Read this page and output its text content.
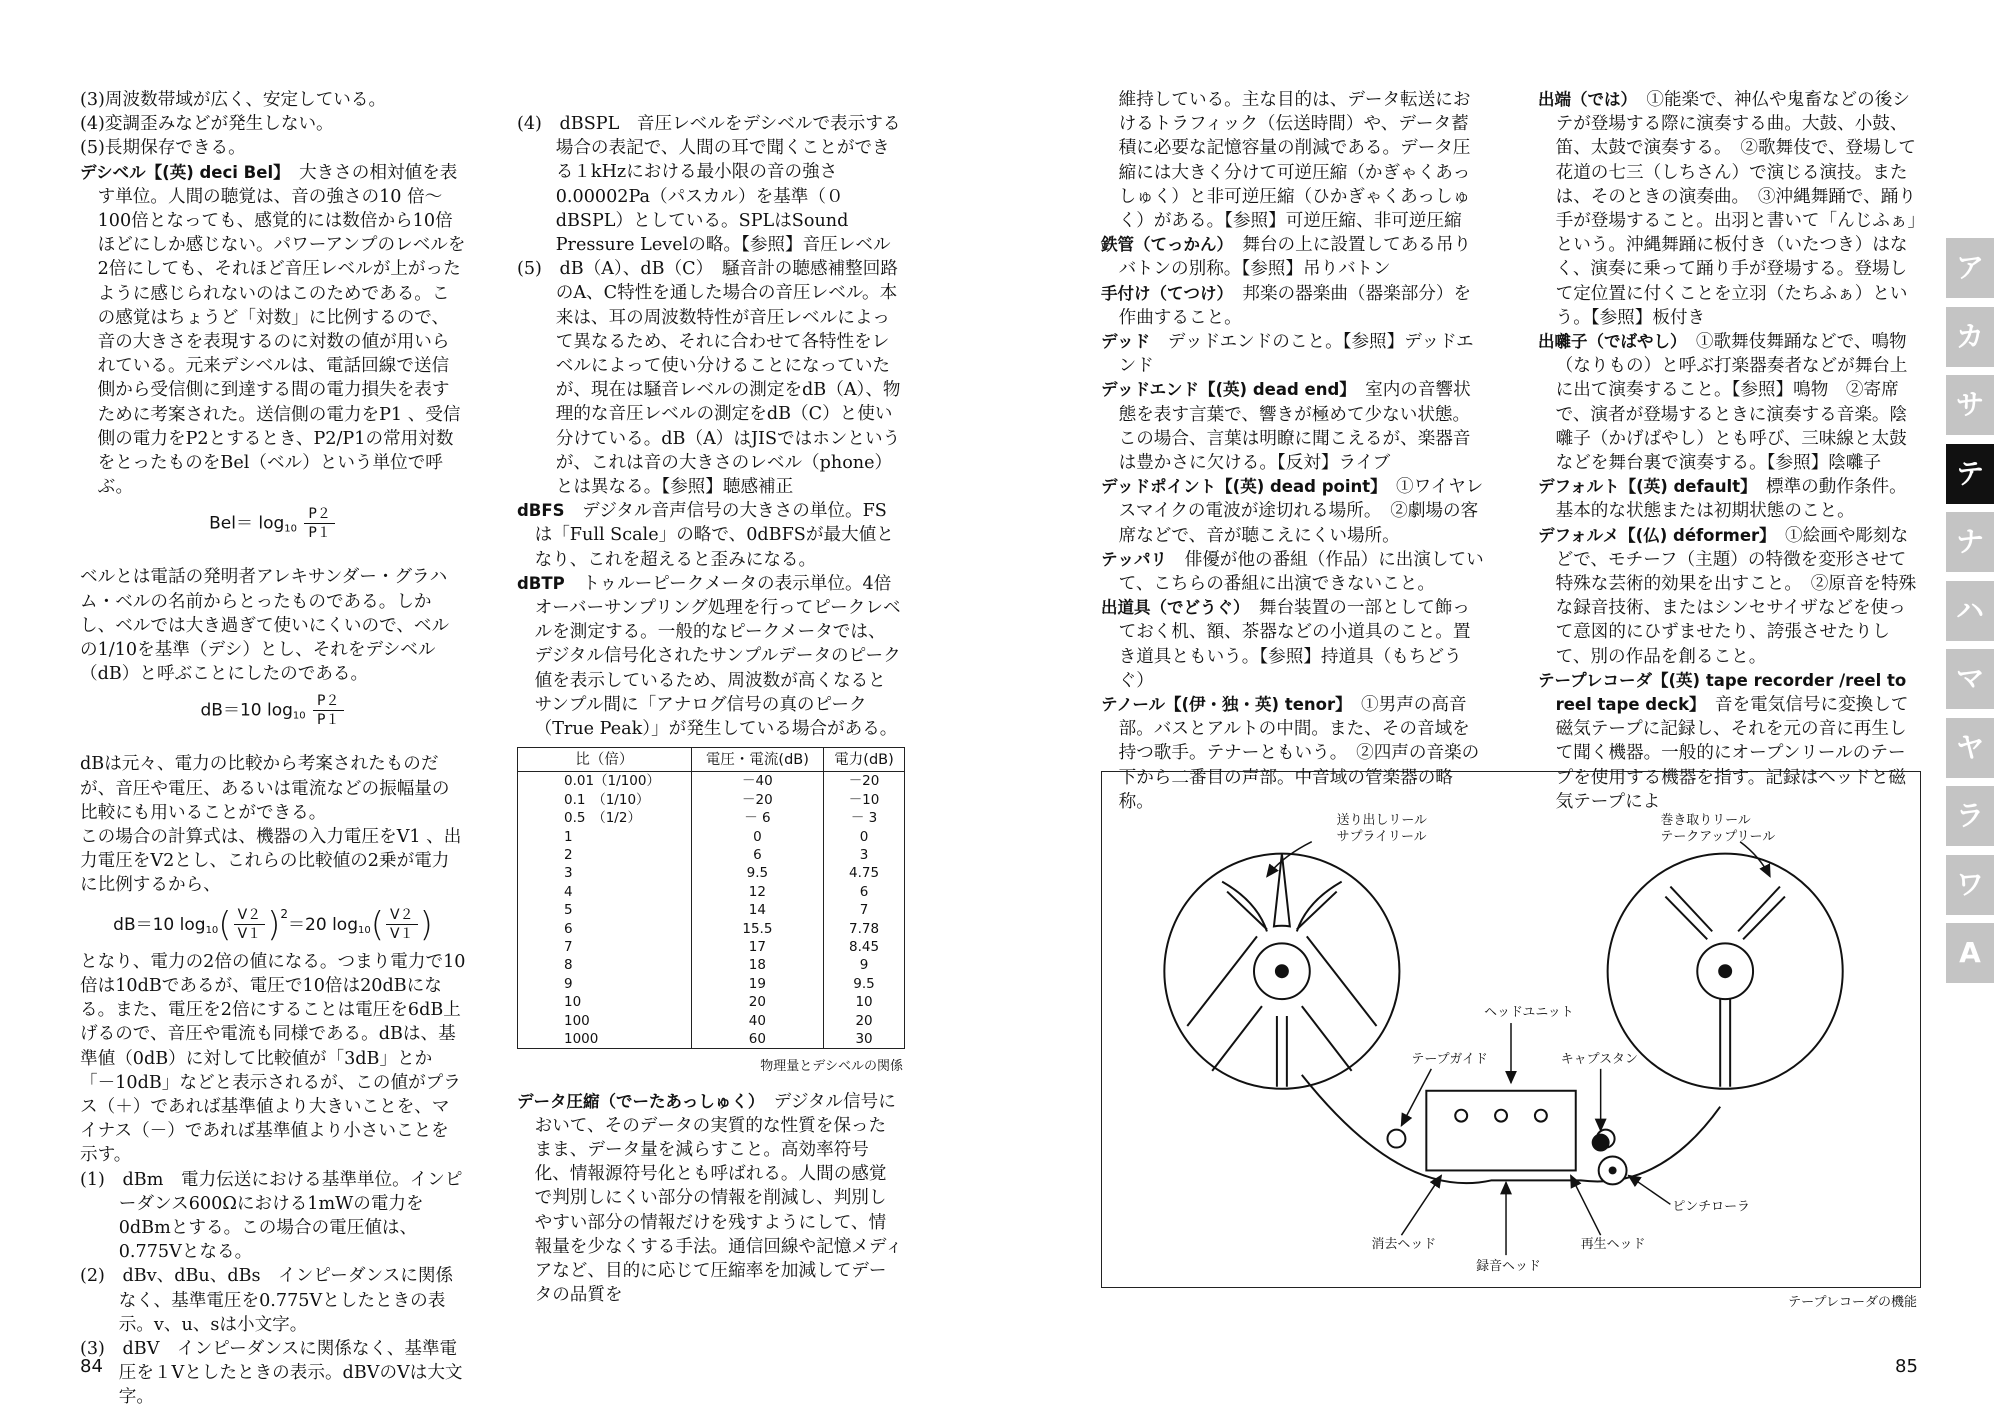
(3)周波数帯域が広く、安定している。
(4)変調歪みなどが発生しない。
(5)長期保存できる。
デシベル【(英) deci Bel】　 大きさの相対値を表す単位。人間の聴覚は、音の強さの10 倍～100倍となっても、感覚的には数倍から10倍ほどにしか感じない。パワーアンプのレベルを2倍にしても、それほど音圧レベルが上がったように感じられないのはこのためである。この感覚はちょうど「対数」に比例するので、音の大きさを表現するのに対数の値が用いられている。元来デシベルは、電話回線で送信側から受信側に到達する間の電力損失を表すために考案された。送信側の電力をP1 、受信側の電力をP2とするとき、P2/P1の常用対数をとったものをBel（ベル）という単位で呼ぶ。
$Bel= \log 10 \frac{P2}{P1}$
ベルとは電話の発明者アレキサンダー・グラハム・ベルの名前からとったものである。しかし、ベルでは大き過ぎて使いにくいので、ベルの1/10を基準（デシ）とし、それをデシベル（dB）と呼ぶことにしたのである。
dB＝10 $\log 10 \frac{P2}{P1}$
dBは元々、電力の比較から考案されたものだが、音圧や電圧、あるいは電流などの振幅量の比較にも用いることができる。
この場合の計算式は、機器の入力電圧をV1 、出力電圧をV2とし、これらの比較値の2乗が電力に比例するから、
dB＝10 $\log 10( \frac{V2}{V1} )^2=20$ $\log 10( \frac{V2}{V1}$ )
となり、電力の2倍の値になる。つまり電力で10倍は10dBであるが、電圧で10倍は20dBになる。また、電圧を2倍にすることは電圧を6dB上げるので、音圧や電流も同様である。dBは、基準値（0dB）に対して比較値が「3dB」とか「－10dB」などと表示されるが、この値がプラス（＋）であれば基準値より大きいことを、マイナス（－）であれば基準値より小さいことを示す。
(1)　dBm　電力伝送における基準単位。インピーダンス600Ωにおける1mWの電力を0dBmとする。この場合の電圧値は、0.775Vとなる。
(2)　dBv、dBu、dBs　インピーダンスに関係なく、基準電圧を0.775Vとしたときの表示。v、u、sは小文字。
(3)　dBV　インピーダンスに関係なく、基準電圧を１Vとしたときの表示。dBVのVは大文字。
(4)　dBSPL　音圧レベルをデシベルで表示する場合の表記で、人間の耳で聞くことができる１kHzにおける最小限の音の強さ0.00002Pa（パスカル）を基準（０dBSPL）としている。SPLはSound Pressure Levelの略。【参照】音圧レベル
(5)　dB（A）、dB（C）　騒音計の聴感補整回路のA、C特性を通した場合の音圧レベル。本来は、耳の周波数特性が音圧レベルによって異なるため、それに合わせて各特性をレベルによって使い分けることになっていたが、現在は騒音レベルの測定をdB（A）、物理的な音圧レベルの測定をdB（C）と使い分けている。dB（A）はJISではホンというが、これは音の大きさのレベル（phone）とは異なる。【参照】聴感補正
dBFS　 デジタル音声信号の大きさの単位。FSは「Full Scale」の略で、0dBFSが最大値となり、これを超えると歪みになる。
dBTP　 トゥルーピークメータの表示単位。4倍オーバーサンプリング処理を行ってピークレベルを測定する。一般的なピークメータでは、デジタル信号化されたサンプルデータのピーク値を表示しているため、周波数が高くなるとサンプル間に「アナログ信号の真のピーク（True Peak）」が発生している場合がある。
比（倍）	電圧・電流(dB)	電力(dB)
0.01（1/100）	－40	－20
0.1　（1/10）	－20	－10
0.5　（1/2）	－ 6	－ 3
1	0	0
2	6	3
3	9.5	4.75
4	12	6
5	14	7
6	15.5	7.78
7	17	8.45
8	18	9
9	19	9.5
10	20	10
100	40	20
1000	60	30
物理量とデシベルの関係
データ圧縮（でーたあっしゅく）　 デジタル信号において、そのデータの実質的な性質を保ったまま、データ量を減らすこと。高効率符号化、情報源符号化とも呼ばれる。人間の感覚で判別しにくい部分の情報を削減し、判別しやすい部分の情報だけを残すようにして、情報量を少なくする手法。通信回線や記憶メディアなど、目的に応じて圧縮率を加減してデータの品質を
84
維持している。主な目的は、データ転送におけるトラフィック（伝送時間）や、データ蓄積に必要な記憶容量の削減である。データ圧縮には大きく分けて可逆圧縮（かぎゃくあっしゅく）と非可逆圧縮（ひかぎゃくあっしゅく）がある。【参照】可逆圧縮、非可逆圧縮
鉄管（てっかん）　 舞台の上に設置してある吊りバトンの別称。【参照】吊りバトン
手付け（てつけ）　 邦楽の器楽曲（器楽部分）を作曲すること。
デッド　 デッドエンドのこと。【参照】デッドエンド
デッドエンド【(英) dead end】　 室内の音響状態を表す言葉で、響きが極めて少ない状態。この場合、言葉は明瞭に聞こえるが、楽器音は豊かさに欠ける。【反対】ライブ
デッドポイント【(英) dead point】　 ①ワイヤレスマイクの電波が途切れる場所。　②劇場の客席などで、音が聴こえにくい場所。
テッパリ　 俳優が他の番組（作品）に出演していて、こちらの番組に出演できないこと。
出道具（でどうぐ）　 舞台装置の一部として飾っておく机、額、茶器などの小道具のこと。置き道具ともいう。【参照】持道具（もちどうぐ）
テノール【(伊・独・英) tenor】　 ①男声の高音部。バスとアルトの中間。また、その音域を持つ歌手。テナーともいう。　②四声の音楽の下から二番目の声部。中音域の管楽器の略称。
出端（では）　 ①能楽で、神仏や鬼畜などの後シテが登場する際に演奏する曲。大鼓、小鼓、笛、太鼓で演奏する。　②歌舞伎で、登場して花道の七三（しちさん）で演じる演技。または、そのときの演奏曲。　③沖縄舞踊で、踊り手が登場すること。出羽と書いて「んじふぁ」という。沖縄舞踊に板付き（いたつき）はなく、演奏に乗って踊り手が登場する。登場して定位置に付くことを立羽（たちふぁ）という。【参照】板付き
出囃子（でばやし）　 ①歌舞伎舞踊などで、鳴物（なりもの）と呼ぶ打楽器奏者などが舞台上に出て演奏すること。【参照】鳴物　②寄席で、演者が登場するときに演奏する音楽。陰囃子（かげばやし）とも呼び、三味線と太鼓などを舞台裏で演奏する。【参照】陰囃子
デフォルト【(英) default】　 標準の動作条件。基本的な状態または初期状態のこと。
デフォルメ【(仏) déformer】　 ①絵画や彫刻などで、モチーフ（主題）の特徴を変形させて特殊な芸術的効果を出すこと。　②原音を特殊な録音技術、またはシンセサイザなどを使って意図的にひずませたり、誇張させたりして、別の作品を創ること。
テープレコーダ【(英) tape recorder /reel to reel tape deck】　 音を電気信号に変換して磁気テープに記録し、それを元の音に再生して聞く機器。一般的にオープンリールのテープを使用する機器を指す。記録はヘッドと磁気テープによ
送り出しリールサプライリール
巻き取りリールテークアップリール
ヘッドユニット
テープガイド	キャプスタン
ピンチローラ
消去ヘッド
録音ヘッド
再生ヘッド
テープレコーダの機能
ア
カ
サ
テ
ナ
ハ
マ
ヤ
ラ
ワ
A
85
